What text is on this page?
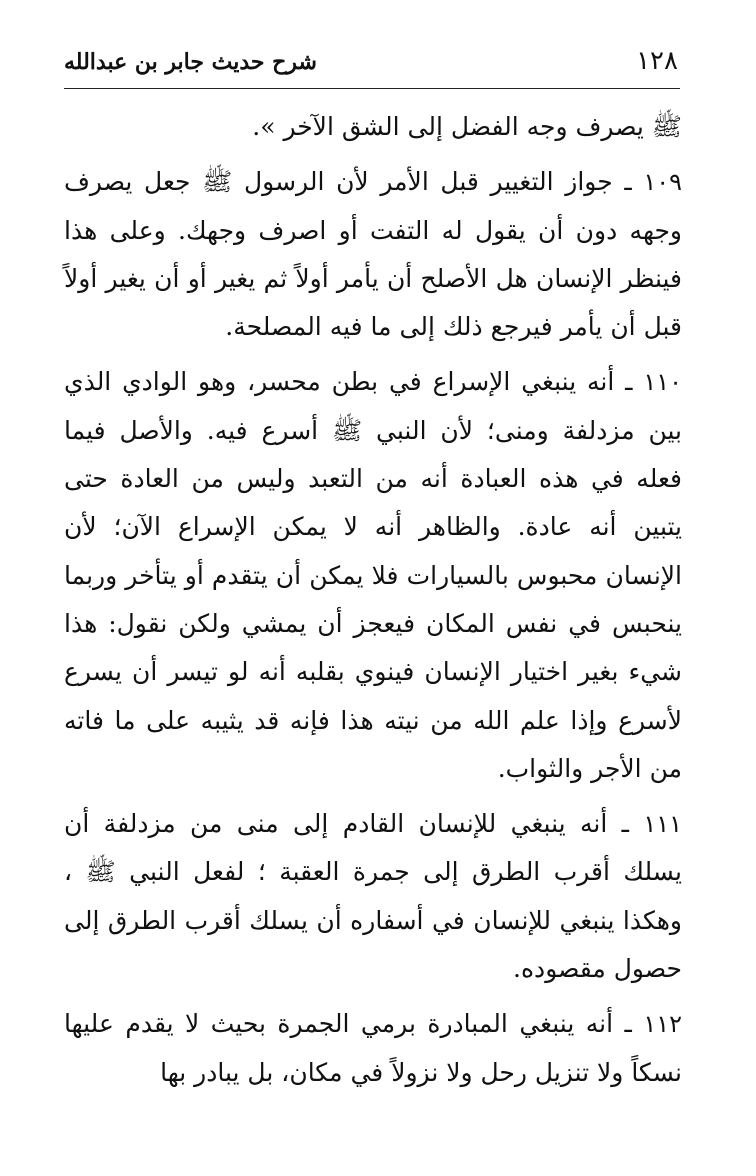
١٢٨
شرح حديث جابر بن عبدالله

ﷺ يصرف وجه الفضل إلى الشق الآخر ».

١٠٩ ـ جواز التغيير قبل الأمر لأن الرسول ﷺ جعل يصرف وجهه دون أن يقول له التفت أو اصرف وجهك. وعلى هذا فينظر الإنسان هل الأصلح أن يأمر أولاً ثم يغير أو أن يغير أولاً قبل أن يأمر فيرجع ذلك إلى ما فيه المصلحة.

١١٠ ـ أنه ينبغي الإسراع في بطن محسر، وهو الوادي الذي بين مزدلفة ومنى؛ لأن النبي ﷺ أسرع فيه. والأصل فيما فعله في هذه العبادة أنه من التعبد وليس من العادة حتى يتبين أنه عادة. والظاهر أنه لا يمكن الإسراع الآن؛ لأن الإنسان محبوس بالسيارات فلا يمكن أن يتقدم أو يتأخر وربما ينحبس في نفس المكان فيعجز أن يمشي ولكن نقول: هذا شيء بغير اختيار الإنسان فينوي بقلبه أنه لو تيسر أن يسرع لأسرع وإذا علم الله من نيته هذا فإنه قد يثيبه على ما فاته من الأجر والثواب.

١١١ ـ أنه ينبغي للإنسان القادم إلى منى من مزدلفة أن يسلك أقرب الطرق إلى جمرة العقبة ؛ لفعل النبي ﷺ ، وهكذا ينبغي للإنسان في أسفاره أن يسلك أقرب الطرق إلى حصول مقصوده.

١١٢ ـ أنه ينبغي المبادرة برمي الجمرة بحيث لا يقدم عليها نسكاً ولا تنزيل رحل ولا نزولاً في مكان، بل يبادر بها
